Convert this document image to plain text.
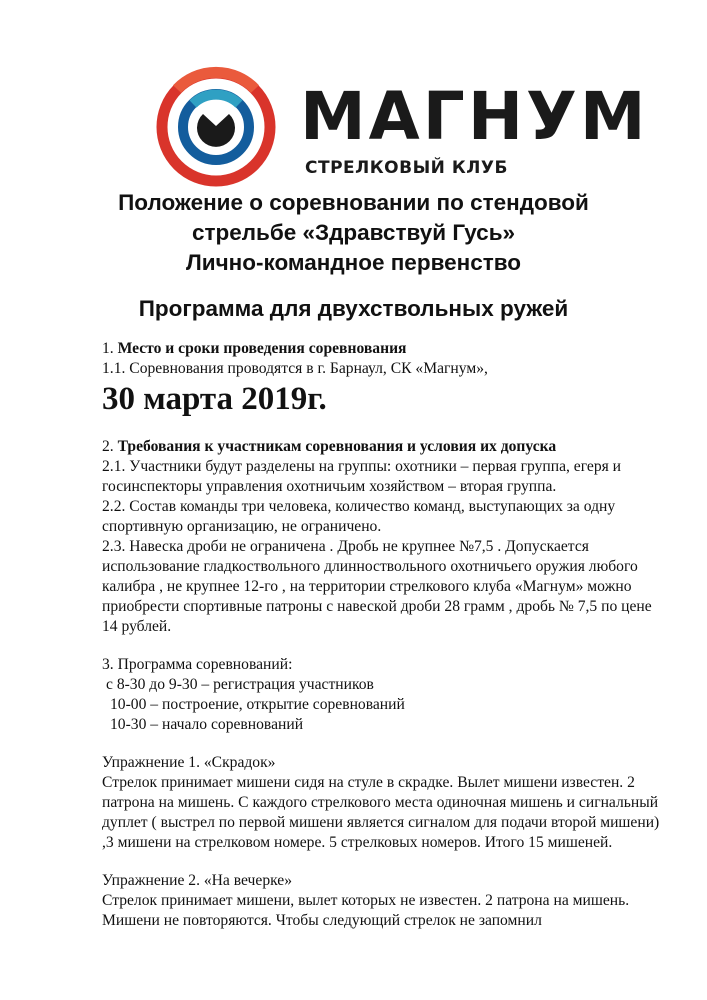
МАГНУМ
СТРЕЛКОВЫЙ КЛУБ
Положение о соревновании по стендовой
стрельбе «Здравствуй Гусь»
Лично-командное первенство
Программа для двухствольных ружей

1. Место и сроки проведения соревнования

1.1. Соревнования проводятся в г. Барнаул, СК «Магнум»,

30 марта 2019г.

2. Требования к участникам соревнования и условия их допуска

2.1. Участники будут разделены на группы: охотники – первая группа, егеря и госинспекторы управления охотничьим хозяйством – вторая группа.

2.2. Состав команды три человека, количество команд, выступающих за одну спортивную организацию, не ограничено.

2.3. Навеска дроби не ограничена . Дробь не крупнее №7,5 . Допускается использование гладкоствольного длинноствольного охотничьего оружия любого калибра , не крупнее 12-го , на территории стрелкового клуба «Магнум» можно приобрести спортивные патроны с навеской дроби 28 грамм , дробь № 7,5 по цене 14 рублей.

3. Программа соревнований:

с 8-30 до 9-30 – регистрация участников

10-00 – построение, открытие соревнований

10-30 – начало соревнований

Упражнение 1. «Скрадок»

Стрелок принимает мишени сидя на стуле в скрадке. Вылет мишени известен. 2 патрона на мишень. С каждого стрелкового места одиночная мишень и сигнальный дуплет ( выстрел по первой мишени является сигналом для подачи второй мишени) ,3 мишени на стрелковом номере. 5 стрелковых номеров. Итого 15 мишеней.

Упражнение 2. «На вечерке»

Стрелок принимает мишени, вылет которых не известен. 2 патрона на мишень. Мишени не повторяются. Чтобы следующий стрелок не запомнил
